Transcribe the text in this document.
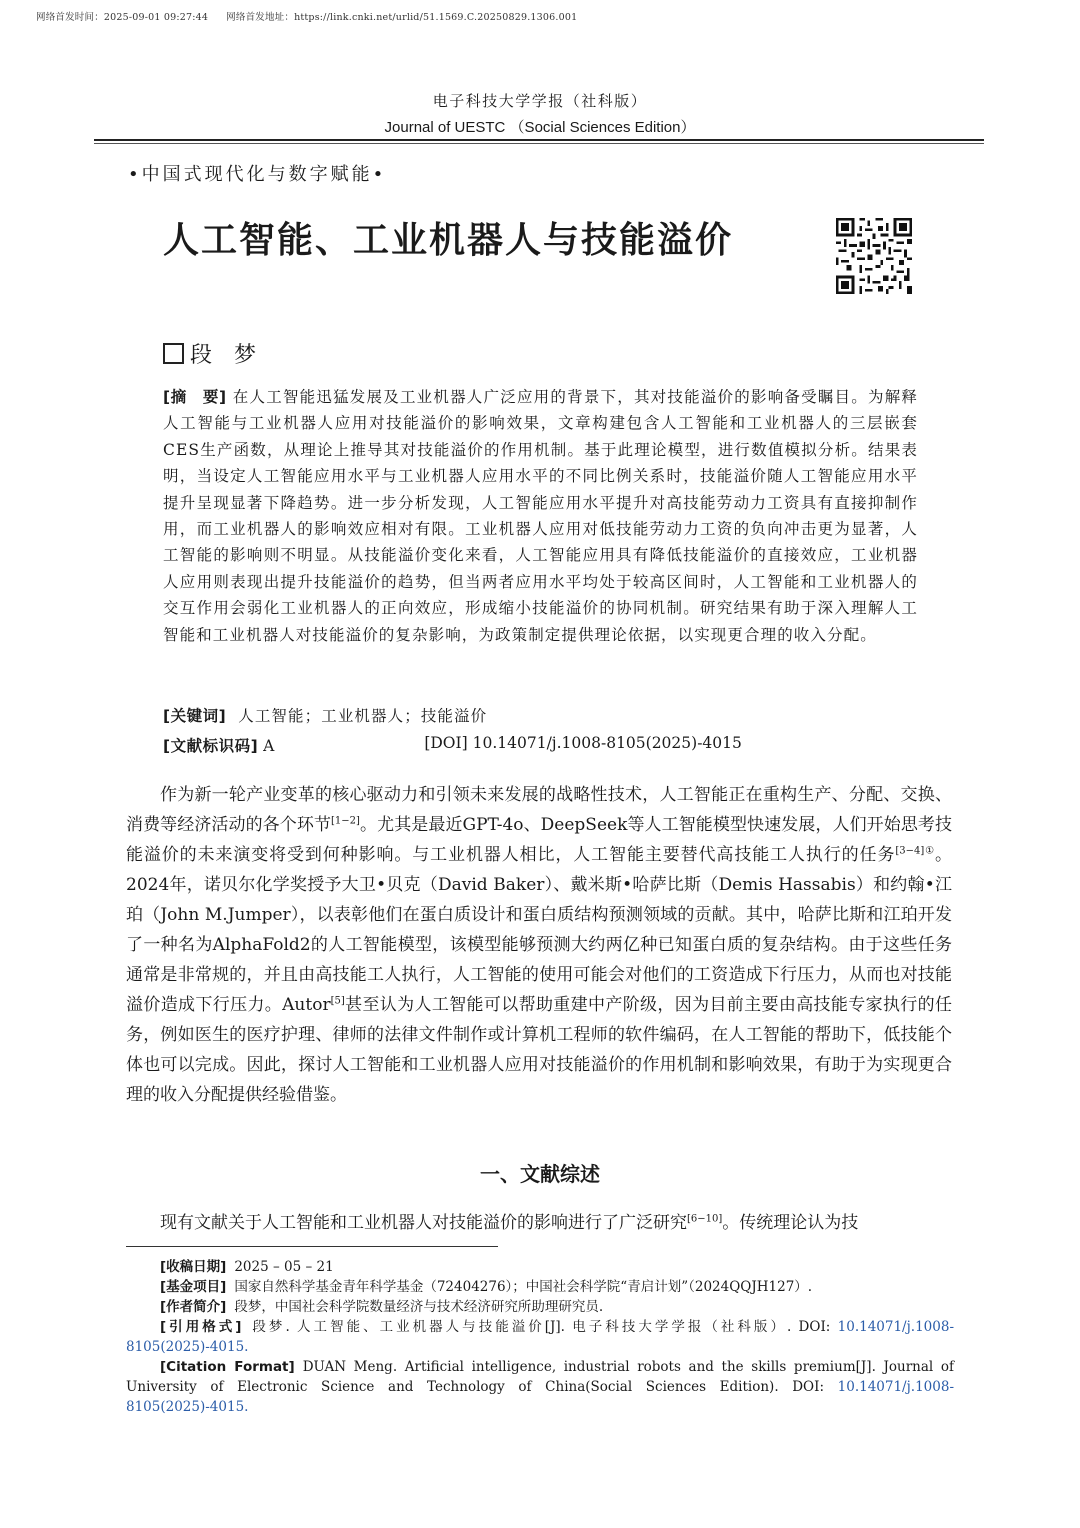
网络首发时间：2025-09-01 09:27:44 网络首发地址：https://link.cnki.net/urlid/51.1569.C.20250829.1306.001
电子科技大学学报（社科版）
Journal of UESTC （Social Sciences Edition）
•中国式现代化与数字赋能•
人工智能、工业机器人与技能溢价
段梦
[摘　要] 在人工智能迅猛发展及工业机器人广泛应用的背景下，其对技能溢价的影响备受瞩目。为解释人工智能与工业机器人应用对技能溢价的影响效果，文章构建包含人工智能和工业机器人的三层嵌套CES生产函数，从理论上推导其对技能溢价的作用机制。基于此理论模型，进行数值模拟分析。结果表明，当设定人工智能应用水平与工业机器人应用水平的不同比例关系时，技能溢价随人工智能应用水平提升呈现显著下降趋势。进一步分析发现，人工智能应用水平提升对高技能劳动力工资具有直接抑制作用，而工业机器人的影响效应相对有限。工业机器人应用对低技能劳动力工资的负向冲击更为显著，人工智能的影响则不明显。从技能溢价变化来看，人工智能应用具有降低技能溢价的直接效应，工业机器人应用则表现出提升技能溢价的趋势，但当两者应用水平均处于较高区间时，人工智能和工业机器人的交互作用会弱化工业机器人的正向效应，形成缩小技能溢价的协同机制。研究结果有助于深入理解人工智能和工业机器人对技能溢价的复杂影响，为政策制定提供理论依据，以实现更合理的收入分配。
[关键词] 人工智能；工业机器人；技能溢价
[文献标识码] A	[DOI] 10.14071/j.1008-8105(2025)-4015

作为新一轮产业变革的核心驱动力和引领未来发展的战略性技术，人工智能正在重构生产、分配、交换、消费等经济活动的各个环节[1−2]。尤其是最近GPT-4o、DeepSeek等人工智能模型快速发展，人们开始思考技能溢价的未来演变将受到何种影响。与工业机器人相比，人工智能主要替代高技能工人执行的任务$^{[3-4]①}$。2024年，诺贝尔化学奖授予大卫•贝克（David Baker）、戴米斯•哈萨比斯（Demis Hassabis）和约翰•江珀（John M.Jumper），以表彰他们在蛋白质设计和蛋白质结构预测领域的贡献。其中，哈萨比斯和江珀开发了一种名为AlphaFold2的人工智能模型，该模型能够预测大约两亿种已知蛋白质的复杂结构。由于这些任务通常是非常规的，并且由高技能工人执行，人工智能的使用可能会对他们的工资造成下行压力，从而也对技能溢价造成下行压力。Autor[5]甚至认为人工智能可以帮助重建中产阶级，因为目前主要由高技能专家执行的任务，例如医生的医疗护理、律师的法律文件制作或计算机工程师的软件编码，在人工智能的帮助下，低技能个体也可以完成。因此，探讨人工智能和工业机器人应用对技能溢价的作用机制和影响效果，有助于为实现更合理的收入分配提供经验借鉴。

一、文献综述

现有文献关于人工智能和工业机器人对技能溢价的影响进行了广泛研究[6−10]。传统理论认为技

[收稿日期] 2025 – 05 – 21
[基金项目] 国家自然科学基金青年科学基金（72404276）；中国社会科学院“青启计划”（2024QQJH127）.
[作者简介] 段梦，中国社会科学院数量经济与技术经济研究所助理研究员.
[引用格式] 段梦. 人工智能、工业机器人与技能溢价[J]. 电子科技大学学报（社科版）. DOI: 10.14071/j.1008-8105(2025)-4015.
[Citation Format] DUAN Meng. Artificial intelligence, industrial robots and the skills premium[J]. Journal of University of Electronic Science and Technology of China(Social Sciences Edition). DOI: 10.14071/j.1008-8105(2025)-4015.
